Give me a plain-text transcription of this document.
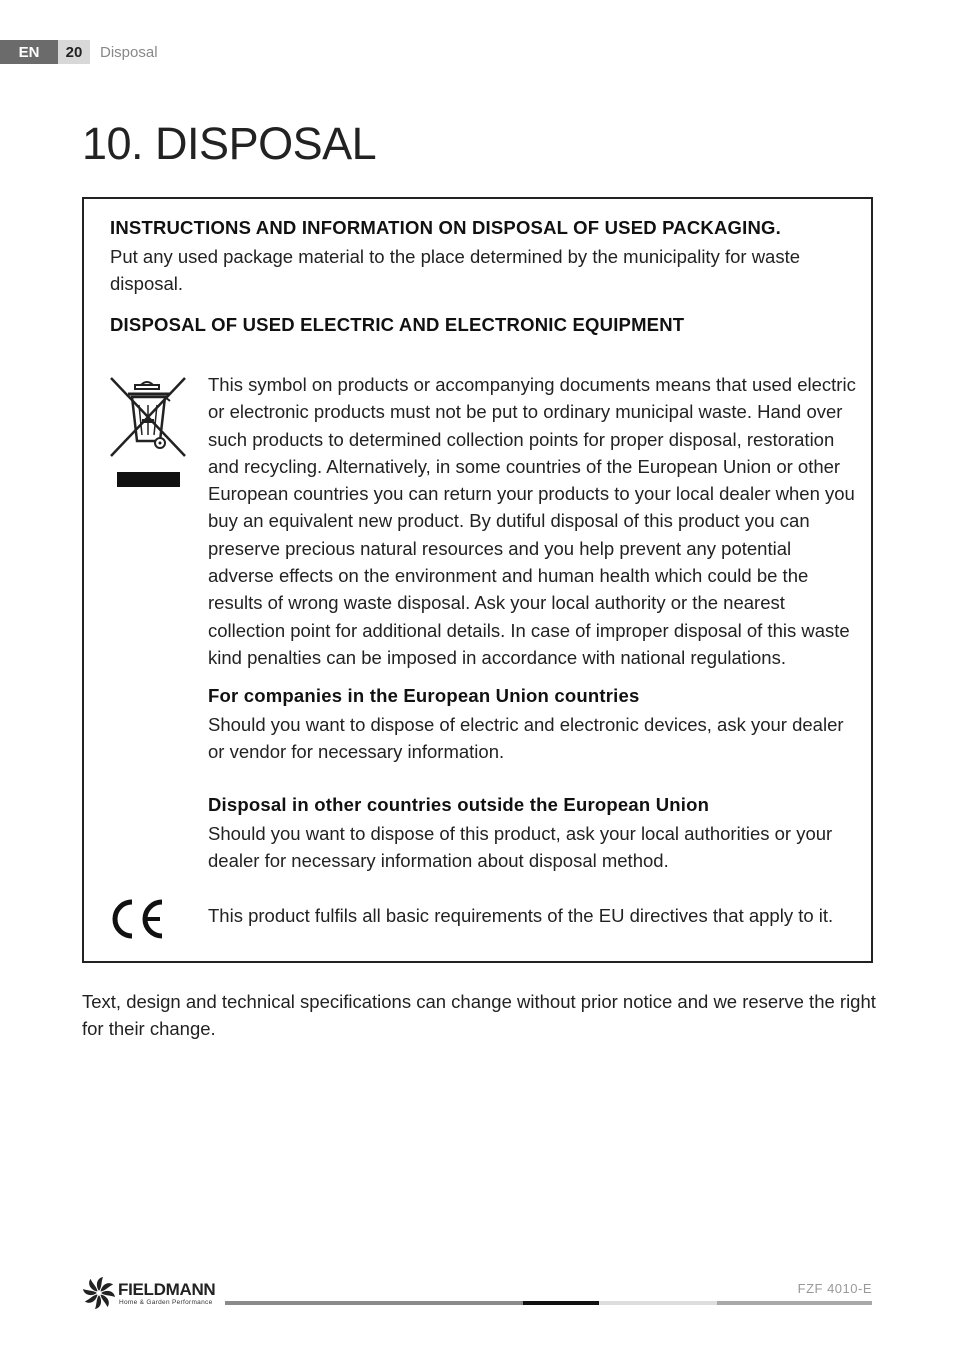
EN	20	Disposal
10. DISPOSAL
INSTRUCTIONS AND INFORMATION ON DISPOSAL OF USED PACKAGING.
Put any used package material to the place determined by the municipality for waste disposal.
DISPOSAL OF USED ELECTRIC AND ELECTRONIC EQUIPMENT
This symbol on products or accompanying documents means that used electric or electronic products must not be put to ordinary municipal waste. Hand over such products to determined collection points for proper disposal, restoration and recycling. Alternatively, in some countries of the European Union or other European countries you can return your products to your local dealer when you buy an equivalent new product. By dutiful disposal of this product you can preserve precious natural resources and you help prevent any potential adverse effects on the environment and human health which could be the results of wrong waste disposal. Ask your local authority or the nearest collection point for additional details. In case of improper disposal of this waste kind penalties can be imposed in accordance with national regulations.
For companies in the European Union countries
Should you want to dispose of electric and electronic devices, ask your dealer or vendor for necessary information.
Disposal in other countries outside the European Union
Should you want to dispose of this product, ask your local authorities or your dealer for necessary information about disposal method.
This product fulfils all basic requirements of the EU directives that apply to it.
Text, design and technical specifications can change without prior notice and we reserve the right for their change.
FIELDMANN
Home & Garden Performance
FZF 4010-E
